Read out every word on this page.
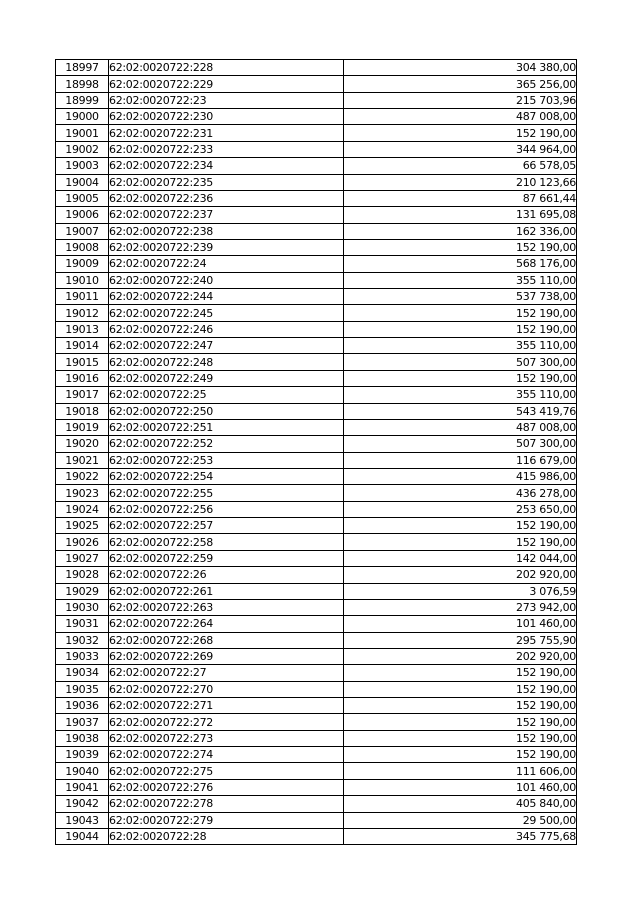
18997	62:02:0020722:228	304 380,00
18998	62:02:0020722:229	365 256,00
18999	62:02:0020722:23	215 703,96
19000	62:02:0020722:230	487 008,00
19001	62:02:0020722:231	152 190,00
19002	62:02:0020722:233	344 964,00
19003	62:02:0020722:234	66 578,05
19004	62:02:0020722:235	210 123,66
19005	62:02:0020722:236	87 661,44
19006	62:02:0020722:237	131 695,08
19007	62:02:0020722:238	162 336,00
19008	62:02:0020722:239	152 190,00
19009	62:02:0020722:24	568 176,00
19010	62:02:0020722:240	355 110,00
19011	62:02:0020722:244	537 738,00
19012	62:02:0020722:245	152 190,00
19013	62:02:0020722:246	152 190,00
19014	62:02:0020722:247	355 110,00
19015	62:02:0020722:248	507 300,00
19016	62:02:0020722:249	152 190,00
19017	62:02:0020722:25	355 110,00
19018	62:02:0020722:250	543 419,76
19019	62:02:0020722:251	487 008,00
19020	62:02:0020722:252	507 300,00
19021	62:02:0020722:253	116 679,00
19022	62:02:0020722:254	415 986,00
19023	62:02:0020722:255	436 278,00
19024	62:02:0020722:256	253 650,00
19025	62:02:0020722:257	152 190,00
19026	62:02:0020722:258	152 190,00
19027	62:02:0020722:259	142 044,00
19028	62:02:0020722:26	202 920,00
19029	62:02:0020722:261	3 076,59
19030	62:02:0020722:263	273 942,00
19031	62:02:0020722:264	101 460,00
19032	62:02:0020722:268	295 755,90
19033	62:02:0020722:269	202 920,00
19034	62:02:0020722:27	152 190,00
19035	62:02:0020722:270	152 190,00
19036	62:02:0020722:271	152 190,00
19037	62:02:0020722:272	152 190,00
19038	62:02:0020722:273	152 190,00
19039	62:02:0020722:274	152 190,00
19040	62:02:0020722:275	111 606,00
19041	62:02:0020722:276	101 460,00
19042	62:02:0020722:278	405 840,00
19043	62:02:0020722:279	29 500,00
19044	62:02:0020722:28	345 775,68
